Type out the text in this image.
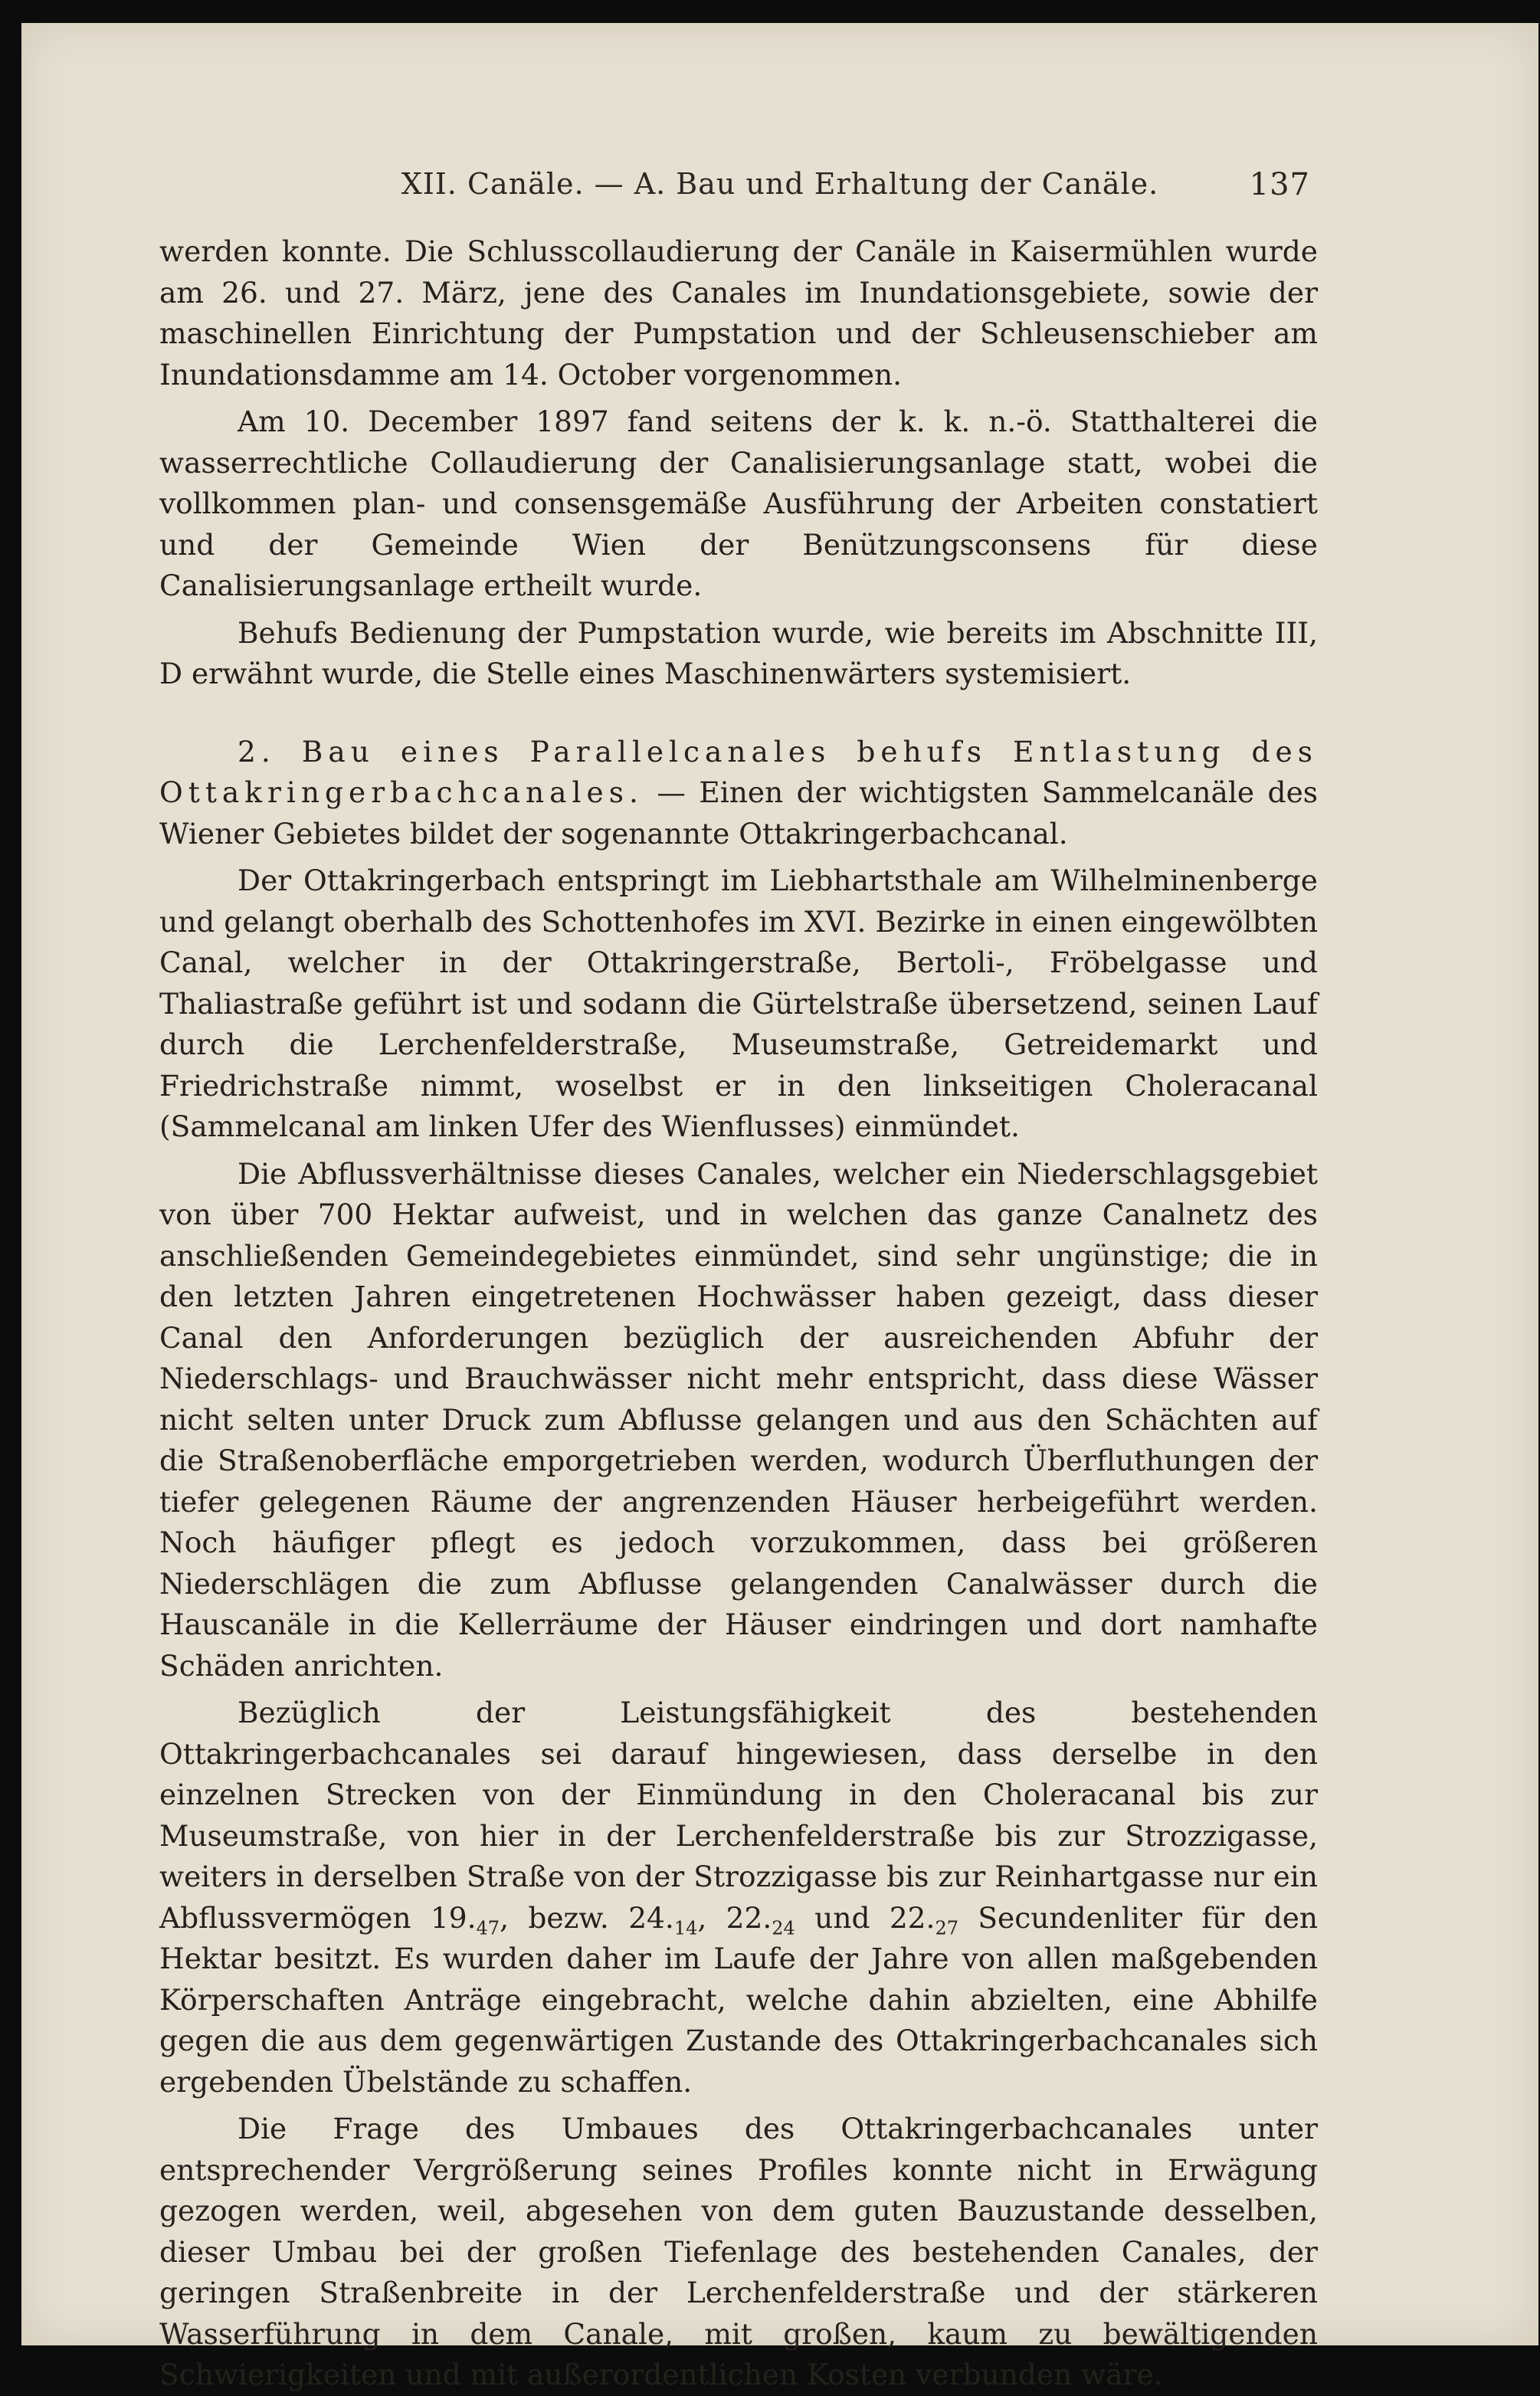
XII. Canäle. — A. Bau und Erhaltung der Canäle.	137

werden konnte. Die Schlusscollaudierung der Canäle in Kaisermühlen wurde am 26. und 27. März, jene des Canales im Inundationsgebiete, sowie der maschinellen Einrichtung der Pumpstation und der Schleusenschieber am Inundationsdamme am 14. October vorgenommen.

Am 10. December 1897 fand seitens der k. k. n.-ö. Statthalterei die wasserrechtliche Collaudierung der Canalisierungsanlage statt, wobei die vollkommen plan- und consensgemäße Ausführung der Arbeiten constatiert und der Gemeinde Wien der Benützungsconsens für diese Canalisierungsanlage ertheilt wurde.

Behufs Bedienung der Pumpstation wurde, wie bereits im Abschnitte III, D erwähnt wurde, die Stelle eines Maschinenwärters systemisiert.

2. Bau eines Parallelcanales behufs Entlastung des Ottakringerbachcanales. — Einen der wichtigsten Sammelcanäle des Wiener Gebietes bildet der sogenannte Ottakringerbachcanal.

Der Ottakringerbach entspringt im Liebhartsthale am Wilhelminenberge und gelangt oberhalb des Schottenhofes im XVI. Bezirke in einen eingewölbten Canal, welcher in der Ottakringerstraße, Bertoli-, Fröbelgasse und Thaliastraße geführt ist und sodann die Gürtelstraße übersetzend, seinen Lauf durch die Lerchenfelderstraße, Museumstraße, Getreidemarkt und Friedrichstraße nimmt, woselbst er in den linkseitigen Choleracanal (Sammelcanal am linken Ufer des Wienflusses) einmündet.

Die Abflussverhältnisse dieses Canales, welcher ein Niederschlagsgebiet von über 700 Hektar aufweist, und in welchen das ganze Canalnetz des anschließenden Gemeindegebietes einmündet, sind sehr ungünstige; die in den letzten Jahren eingetretenen Hochwässer haben gezeigt, dass dieser Canal den Anforderungen bezüglich der ausreichenden Abfuhr der Niederschlags- und Brauchwässer nicht mehr entspricht, dass diese Wässer nicht selten unter Druck zum Abflusse gelangen und aus den Schächten auf die Straßenoberfläche emporgetrieben werden, wodurch Überfluthungen der tiefer gelegenen Räume der angrenzenden Häuser herbeigeführt werden. Noch häufiger pflegt es jedoch vorzukommen, dass bei größeren Niederschlägen die zum Abflusse gelangenden Canalwässer durch die Hauscanäle in die Kellerräume der Häuser eindringen und dort namhafte Schäden anrichten.

Bezüglich der Leistungsfähigkeit des bestehenden Ottakringerbachcanales sei darauf hingewiesen, dass derselbe in den einzelnen Strecken von der Einmündung in den Choleracanal bis zur Museumstraße, von hier in der Lerchenfelderstraße bis zur Strozzigasse, weiters in derselben Straße von der Strozzigasse bis zur Reinhartgasse nur ein Abflussvermögen $19._{47}$, bezw. $24._{14}$, $22._{24}$ und $22._{27}$ Secundenliter für den Hektar besitzt. Es wurden daher im Laufe der Jahre von allen maßgebenden Körperschaften Anträge eingebracht, welche dahin abzielten, eine Abhilfe gegen die aus dem gegenwärtigen Zustande des Ottakringerbachcanales sich ergebenden Übelstände zu schaffen.

Die Frage des Umbaues des Ottakringerbachcanales unter entsprechender Vergrößerung seines Profiles konnte nicht in Erwägung gezogen werden, weil, abgesehen von dem guten Bauzustande desselben, dieser Umbau bei der großen Tiefenlage des bestehenden Canales, der geringen Straßenbreite in der Lerchenfelderstraße und der stärkeren Wasserführung in dem Canale, mit großen, kaum zu bewältigenden Schwierigkeiten und mit außerordentlichen Kosten verbunden wäre.
